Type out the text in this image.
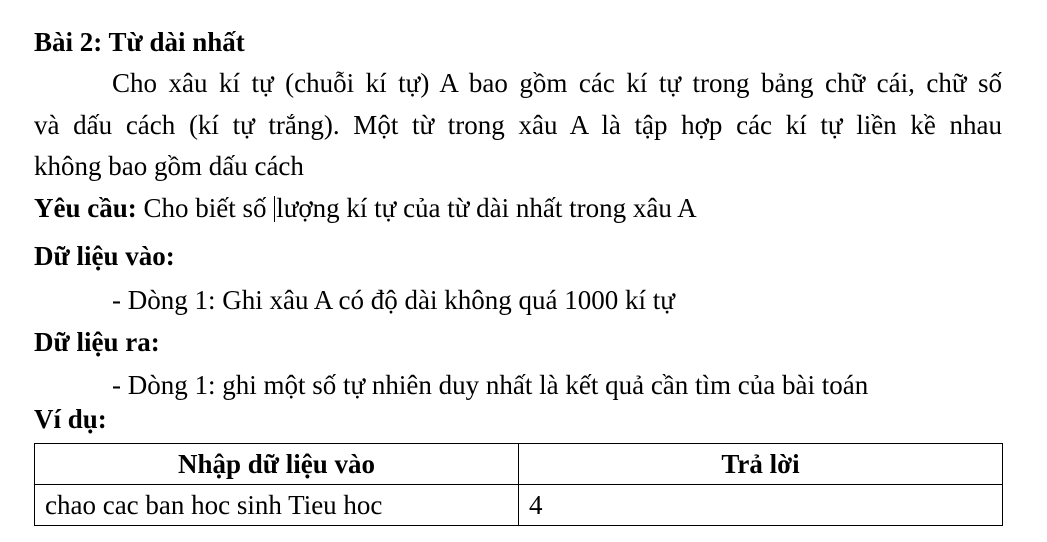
Bài 2: Từ dài nhất
Cho xâu kí tự (chuỗi kí tự) A bao gồm các kí tự trong bảng chữ cái, chữ số
và dấu cách (kí tự trắng). Một từ trong xâu A là tập hợp các kí tự liền kề nhau
không bao gồm dấu cách
Yêu cầu: Cho biết số lượng kí tự của từ dài nhất trong xâu A
Dữ liệu vào:
- Dòng 1: Ghi xâu A có độ dài không quá 1000 kí tự
Dữ liệu ra:
- Dòng 1: ghi một số tự nhiên duy nhất là kết quả cần tìm của bài toán
Ví dụ:
Nhập dữ liệu vào	Trả lời
chao cac ban hoc sinh Tieu hoc	4
